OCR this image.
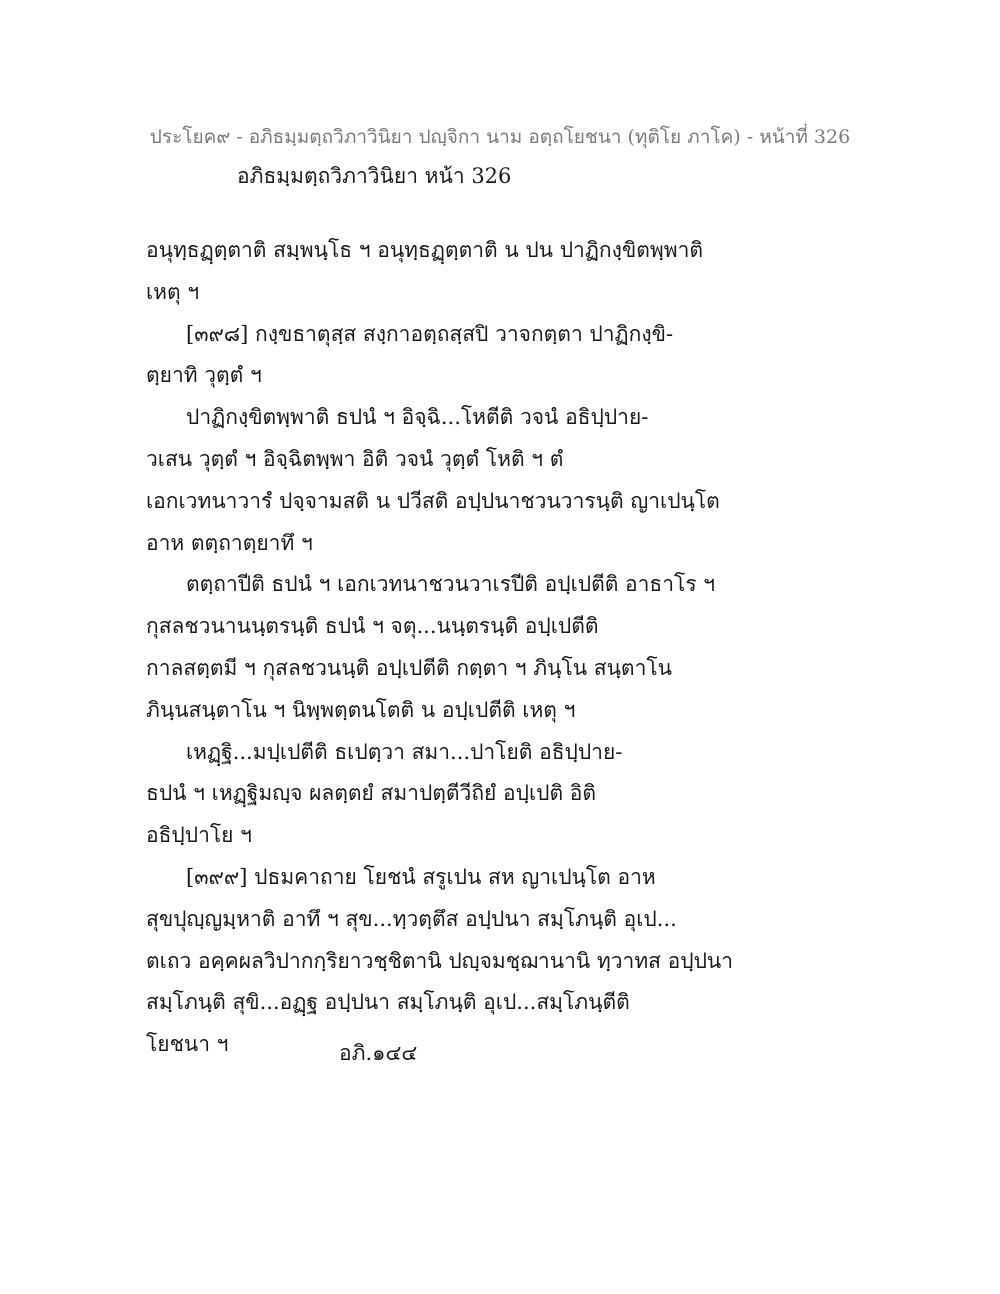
ประโยค๙ - อภิธมฺมตฺถวิภาวินิยา ปญฺจิกา นาม อตฺถโยชนา (ทุติโย ภาโค) - หน้าที่ 326
อภิธมฺมตฺถวิภาวินิยา หน้า 326
อนุทฺธฏฺตฺตาติ สมฺพนฺโธ ฯ อนุทฺธฏฺตฺตาติ น ปน ปาฏิกงฺขิตพฺพาติ
เหตุ ฯ
[๓๙๘] กงฺขธาตุสฺส สงฺกาอตฺถสฺสปิ วาจกตฺตา ปาฏิกงฺขิ-
ตฺยาทิ วุตฺตํ ฯ
ปาฏิกงฺขิตพฺพาติ ธปนํ ฯ อิจฺฉิ...โหตีติ วจนํ อธิปฺปาย-
วเสน วุตฺตํ ฯ อิจฺฉิตพฺพา อิติ วจนํ วุตฺตํ โหติ ฯ ตํ
เอกเวทนาวารํ ปจฺจามสติ น ปวีสติ อปฺปนาชวนวารนฺติ ญาเปนฺโต
อาห ตตฺถาตฺยาทึ ฯ
ตตฺถาปีติ ธปนํ ฯ เอกเวทนาชวนวาเรปีติ อปฺเปตีติ อาธาโร ฯ
กุสลชวนานนฺตรนฺติ ธปนํ ฯ จตุ...นนฺตรนฺติ อปฺเปตีติ
กาลสตฺตมี ฯ กุสลชวนนฺติ อปฺเปตีติ กตฺตา ฯ ภินฺโน สนฺตาโน
ภินฺนสนฺตาโน ฯ นิพฺพตฺตนโตติ น อปฺเปตีติ เหตุ ฯ
เหฏฺฐิ...มปฺเปตีติ ธเปตฺวา สมา...ปาโยติ อธิปฺปาย-
ธปนํ ฯ เหฏฺฐิมญฺจ ผลตฺตยํ สมาปตฺตีวีถิยํ อปฺเปติ อิติ
อธิปฺปาโย ฯ
[๓๙๙] ปธมคาถาย โยชนํ สรูเปน สห ญาเปนฺโต อาห
สุขปุญฺญมฺหาติ อาทึ ฯ สุข...ทฺวตฺตึส อปฺปนา สมฺโภนฺติ อุเป...
ตเถว อคฺคผลวิปากกฺริยาวชฺชิตานิ ปญฺจมชฺฌานานิ ทฺวาทส อปฺปนา
สมฺโภนฺติ สุขิ...อฏฺฐ อปฺปนา สมฺโภนฺติ อุเป...สมฺโภนฺตีติ
โยชนา ฯ	อภิ.๑๔๔
